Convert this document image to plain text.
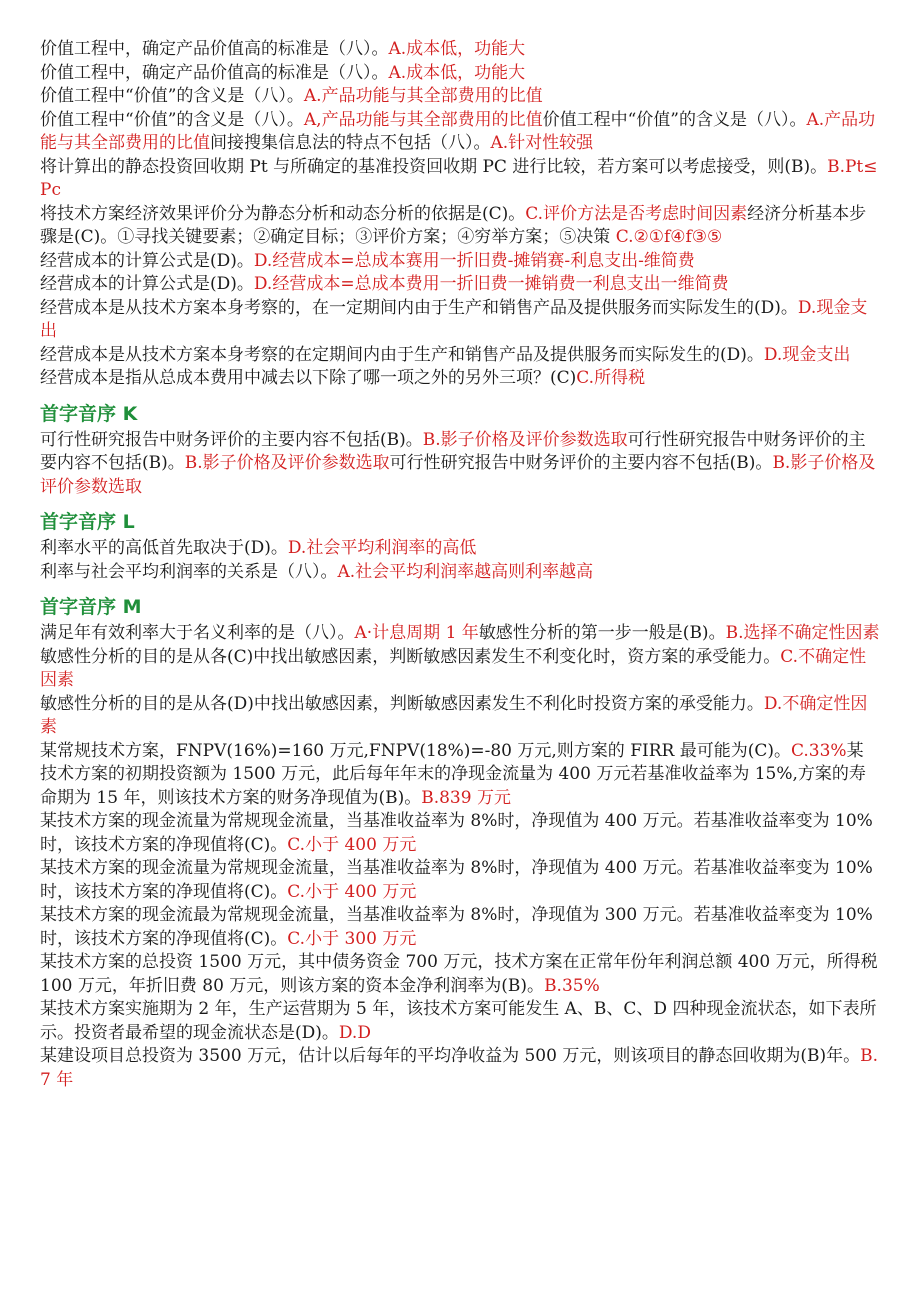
价值工程中，确定产品价值高的标准是（八）。A.成本低，功能大
价值工程中，确定产品价值高的标准是（八）。A.成本低，功能大
价值工程中“价值”的含义是（八）。A.产品功能与其全部费用的比值
价值工程中“价值”的含义是（八）。A,产品功能与其全部费用的比值价值工程中“价值”的含义是（八）。A.产品功能与其全部费用的比值间接搜集信息法的特点不包括（八）。A.针对性较强
将计算出的静态投资回收期 Pt 与所确定的基准投资回收期 PC 进行比较，若方案可以考虑接受，则(B)。B.Pt≤Pc
将技术方案经济效果评价分为静态分析和动态分析的依据是(C)。C.评价方法是否考虑时间因素经济分析基本步骤是(C)。①寻找关键要素；②确定目标；③评价方案；④穷举方案；⑤决策 C.②①f④f③⑤
经营成本的计算公式是(D)。D.经营成本=总成本赛用一折旧费-摊销赛-利息支出-维简费
经营成本的计算公式是(D)。D.经营成本=总成本费用一折旧费一摊销费一利息支出一维简费
经营成本是从技术方案本身考察的，在一定期间内由于生产和销售产品及提供服务而实际发生的(D)。D.现金支出
经营成本是从技术方案本身考察的在定期间内由于生产和销售产品及提供服务而实际发生的(D)。D.现金支出
经营成本是指从总成本费用中减去以下除了哪一项之外的另外三项？(C)C.所得税
首字音序 K
可行性研究报告中财务评价的主要内容不包括(B)。B.影子价格及评价参数选取可行性研究报告中财务评价的主要内容不包括(B)。B.影子价格及评价参数选取可行性研究报告中财务评价的主要内容不包括(B)。B.影子价格及评价参数选取
首字音序 L
利率水平的高低首先取决于(D)。D.社会平均利润率的高低
利率与社会平均利润率的关系是（八）。A.社会平均利润率越高则利率越高
首字音序 M
满足年有效利率大于名义利率的是（八）。A·计息周期 1 年敏感性分析的第一步一般是(B)。B.选择不确定性因素
敏感性分析的目的是从各(C)中找出敏感因素，判断敏感因素发生不利变化时，资方案的承受能力。C.不确定性因素
敏感性分析的目的是从各(D)中找出敏感因素，判断敏感因素发生不利化时投资方案的承受能力。D.不确定性因素
某常规技术方案，FNPV(16%)=160 万元,FNPV(18%)=-80 万元,则方案的 FIRR 最可能为(C)。C.33%某技术方案的初期投资额为 1500 万元，此后每年年末的净现金流量为 400 万元若基准收益率为 15%,方案的寿命期为 15 年，则该技术方案的财务净现值为(B)。B.839 万元
某技术方案的现金流量为常规现金流量，当基准收益率为 8%时，净现值为 400 万元。若基准收益率变为 10%时，该技术方案的净现值将(C)。C.小于 400 万元
某技术方案的现金流量为常规现金流量，当基准收益率为 8%时，净现值为 400 万元。若基准收益率变为 10%时，该技术方案的净现值将(C)。C.小于 400 万元
某技术方案的现金流最为常规现金流量，当基准收益率为 8%时，净现值为 300 万元。若基准收益率变为 10%时，该技术方案的净现值将(C)。C.小于 300 万元
某技术方案的总投资 1500 万元，其中债务资金 700 万元，技术方案在正常年份年利润总额 400 万元，所得税 100 万元，年折旧费 80 万元，则该方案的资本金净利润率为(B)。B.35%
某技术方案实施期为 2 年，生产运营期为 5 年，该技术方案可能发生 A、B、C、D 四种现金流状态，如下表所示。投资者最希望的现金流状态是(D)。D.D
某建设项目总投资为 3500 万元，估计以后每年的平均净收益为 500 万元，则该项目的静态回收期为(B)年。B.7 年
